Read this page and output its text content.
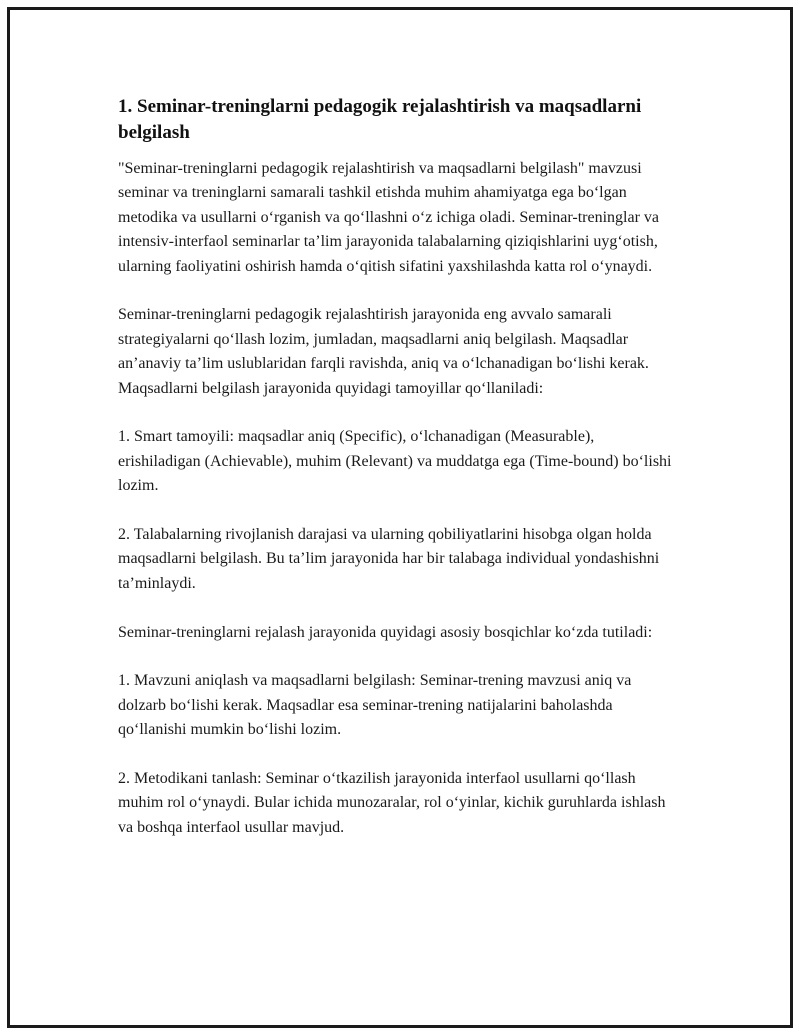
1. Seminar-treninglarni pedagogik rejalashtirish va maqsadlarni belgilash

"Seminar-treninglarni pedagogik rejalashtirish va maqsadlarni belgilash" mavzusi seminar va treninglarni samarali tashkil etishda muhim ahamiyatga ega bo‘lgan metodika va usullarni o‘rganish va qo‘llashni o‘z ichiga oladi. Seminar-treninglar va intensiv-interfaol seminarlar ta’lim jarayonida talabalarning qiziqishlarini uyg‘otish, ularning faoliyatini oshirish hamda o‘qitish sifatini yaxshilashda katta rol o‘ynaydi.

Seminar-treninglarni pedagogik rejalashtirish jarayonida eng avvalo samarali strategiyalarni qo‘llash lozim, jumladan, maqsadlarni aniq belgilash. Maqsadlar an’anaviy ta’lim uslublaridan farqli ravishda, aniq va o‘lchanadigan bo‘lishi kerak. Maqsadlarni belgilash jarayonida quyidagi tamoyillar qo‘llaniladi:

1. Smart tamoyili: maqsadlar aniq (Specific), o‘lchanadigan (Measurable), erishiladigan (Achievable), muhim (Relevant) va muddatga ega (Time-bound) bo‘lishi lozim.

2. Talabalarning rivojlanish darajasi va ularning qobiliyatlarini hisobga olgan holda maqsadlarni belgilash. Bu ta’lim jarayonida har bir talabaga individual yondashishni ta’minlaydi.

Seminar-treninglarni rejalash jarayonida quyidagi asosiy bosqichlar ko‘zda tutiladi:

1. Mavzuni aniqlash va maqsadlarni belgilash: Seminar-trening mavzusi aniq va dolzarb bo‘lishi kerak. Maqsadlar esa seminar-trening natijalarini baholashda qo‘llanishi mumkin bo‘lishi lozim.

2. Metodikani tanlash: Seminar o‘tkazilish jarayonida interfaol usullarni qo‘llash muhim rol o‘ynaydi. Bular ichida munozaralar, rol o‘yinlar, kichik guruhlarda ishlash va boshqa interfaol usullar mavjud.
